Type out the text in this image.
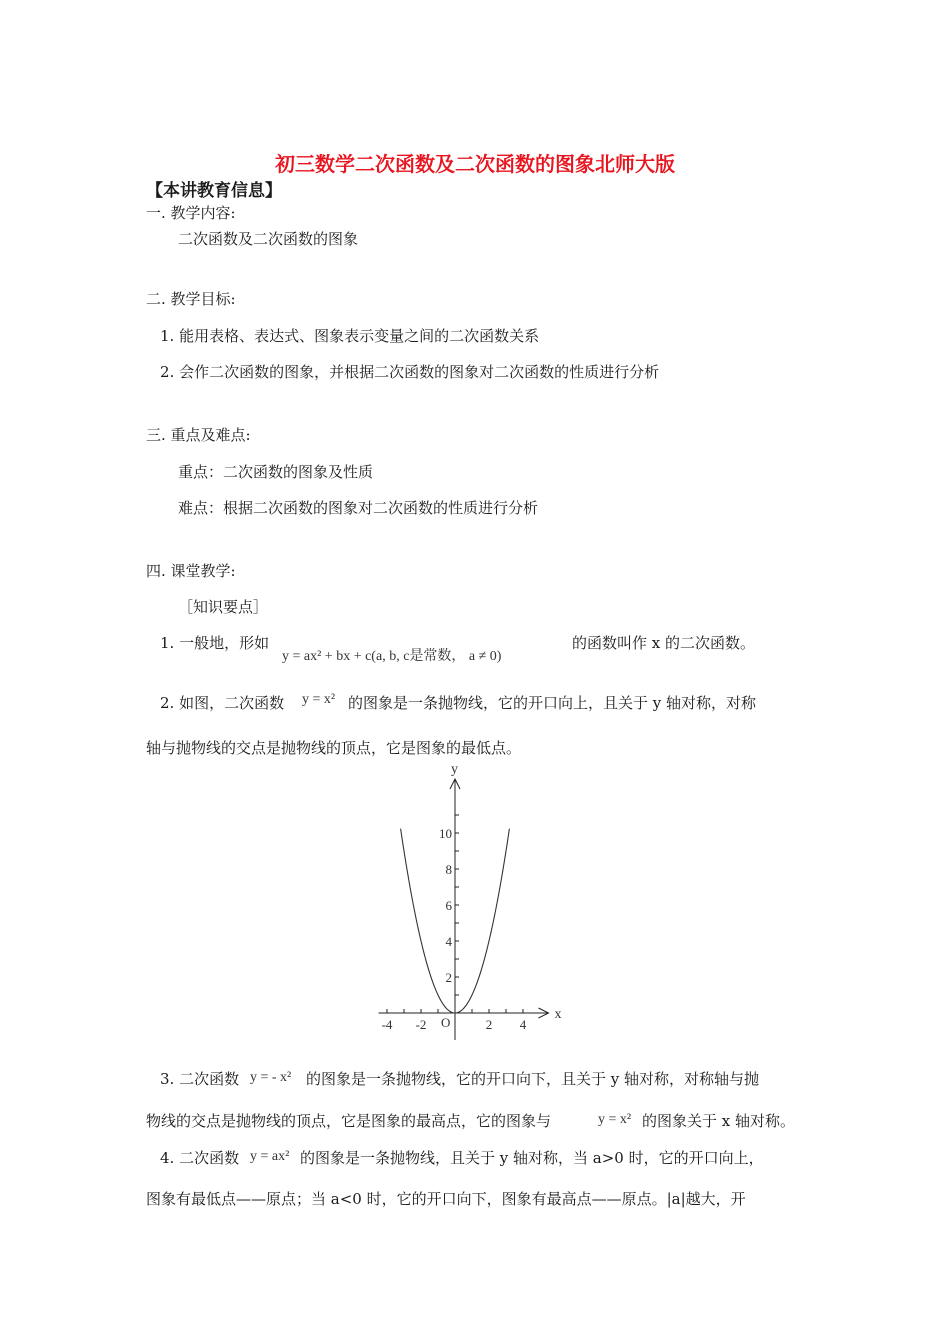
初三数学二次函数及二次函数的图象北师大版
【本讲教育信息】
一. 教学内容:
二次函数及二次函数的图象
二. 教学目标:
1. 能用表格、表达式、图象表示变量之间的二次函数关系
2. 会作二次函数的图象，并根据二次函数的图象对二次函数的性质进行分析
三. 重点及难点:
重点：二次函数的图象及性质
难点：根据二次函数的图象对二次函数的性质进行分析
四. 课堂教学:
［知识要点］
1. 一般地，形如
y = ax² + bx + c(a, b, c是常数， a ≠ 0)
的函数叫作 x 的二次函数。
2. 如图，二次函数 y = x² 的图象是一条抛物线，它的开口向上，且关于 y 轴对称，对称
轴与抛物线的交点是抛物线的顶点，它是图象的最低点。
x
y
O
-4 -2	2 4
2
4
6
8
10
3. 二次函数 y = - x² 的图象是一条抛物线，它的开口向下，且关于 y 轴对称，对称轴与抛
物线的交点是抛物线的顶点，它是图象的最高点，它的图象与	y = x² 的图象关于 x 轴对称。
4. 二次函数 y = ax² 的图象是一条抛物线，且关于 y 轴对称，当 a>0 时，它的开口向上，
图象有最低点——原点；当 a<0 时，它的开口向下，图象有最高点——原点。|a|越大，开
